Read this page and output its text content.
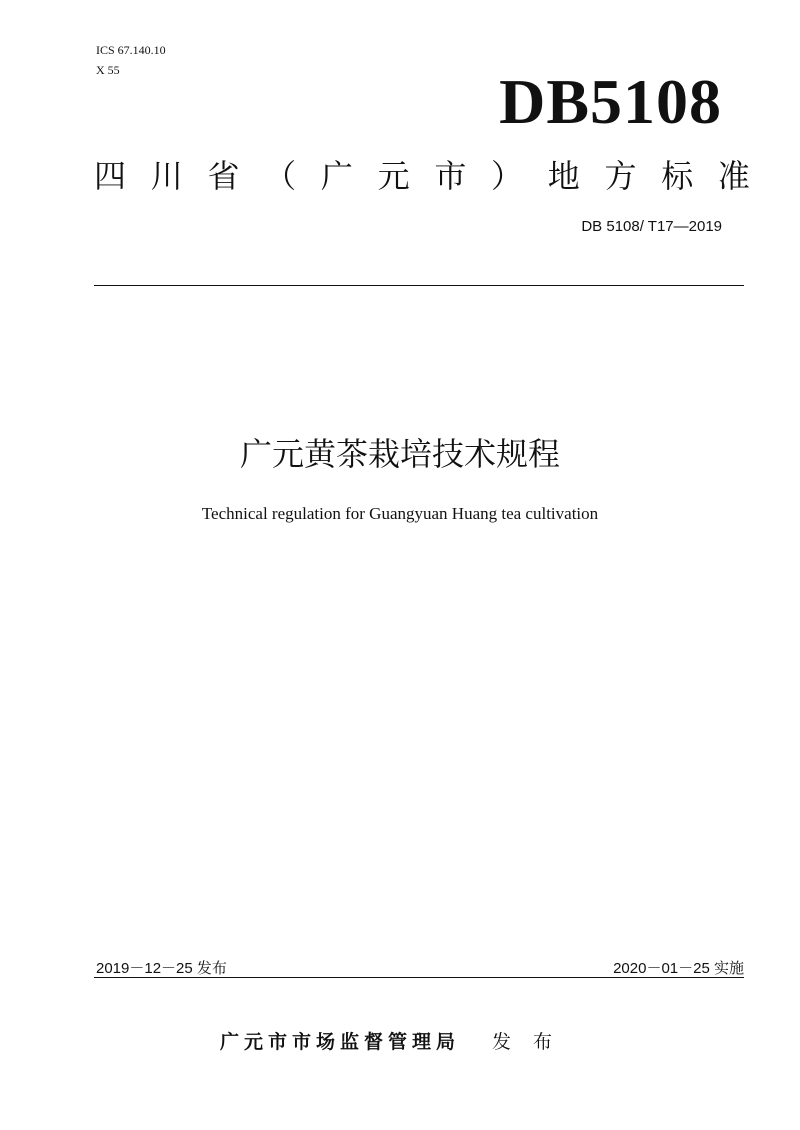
ICS 67.140.10
X 55	DB5108
四 川 省 （ 广 元 市 ） 地 方 标 准
DB 5108/ T17—2019
广元黄茶栽培技术规程
Technical regulation for Guangyuan Huang tea cultivation
2019－12－25 发布	2020－01－25 实施
广元市市场监督管理局 发 布
